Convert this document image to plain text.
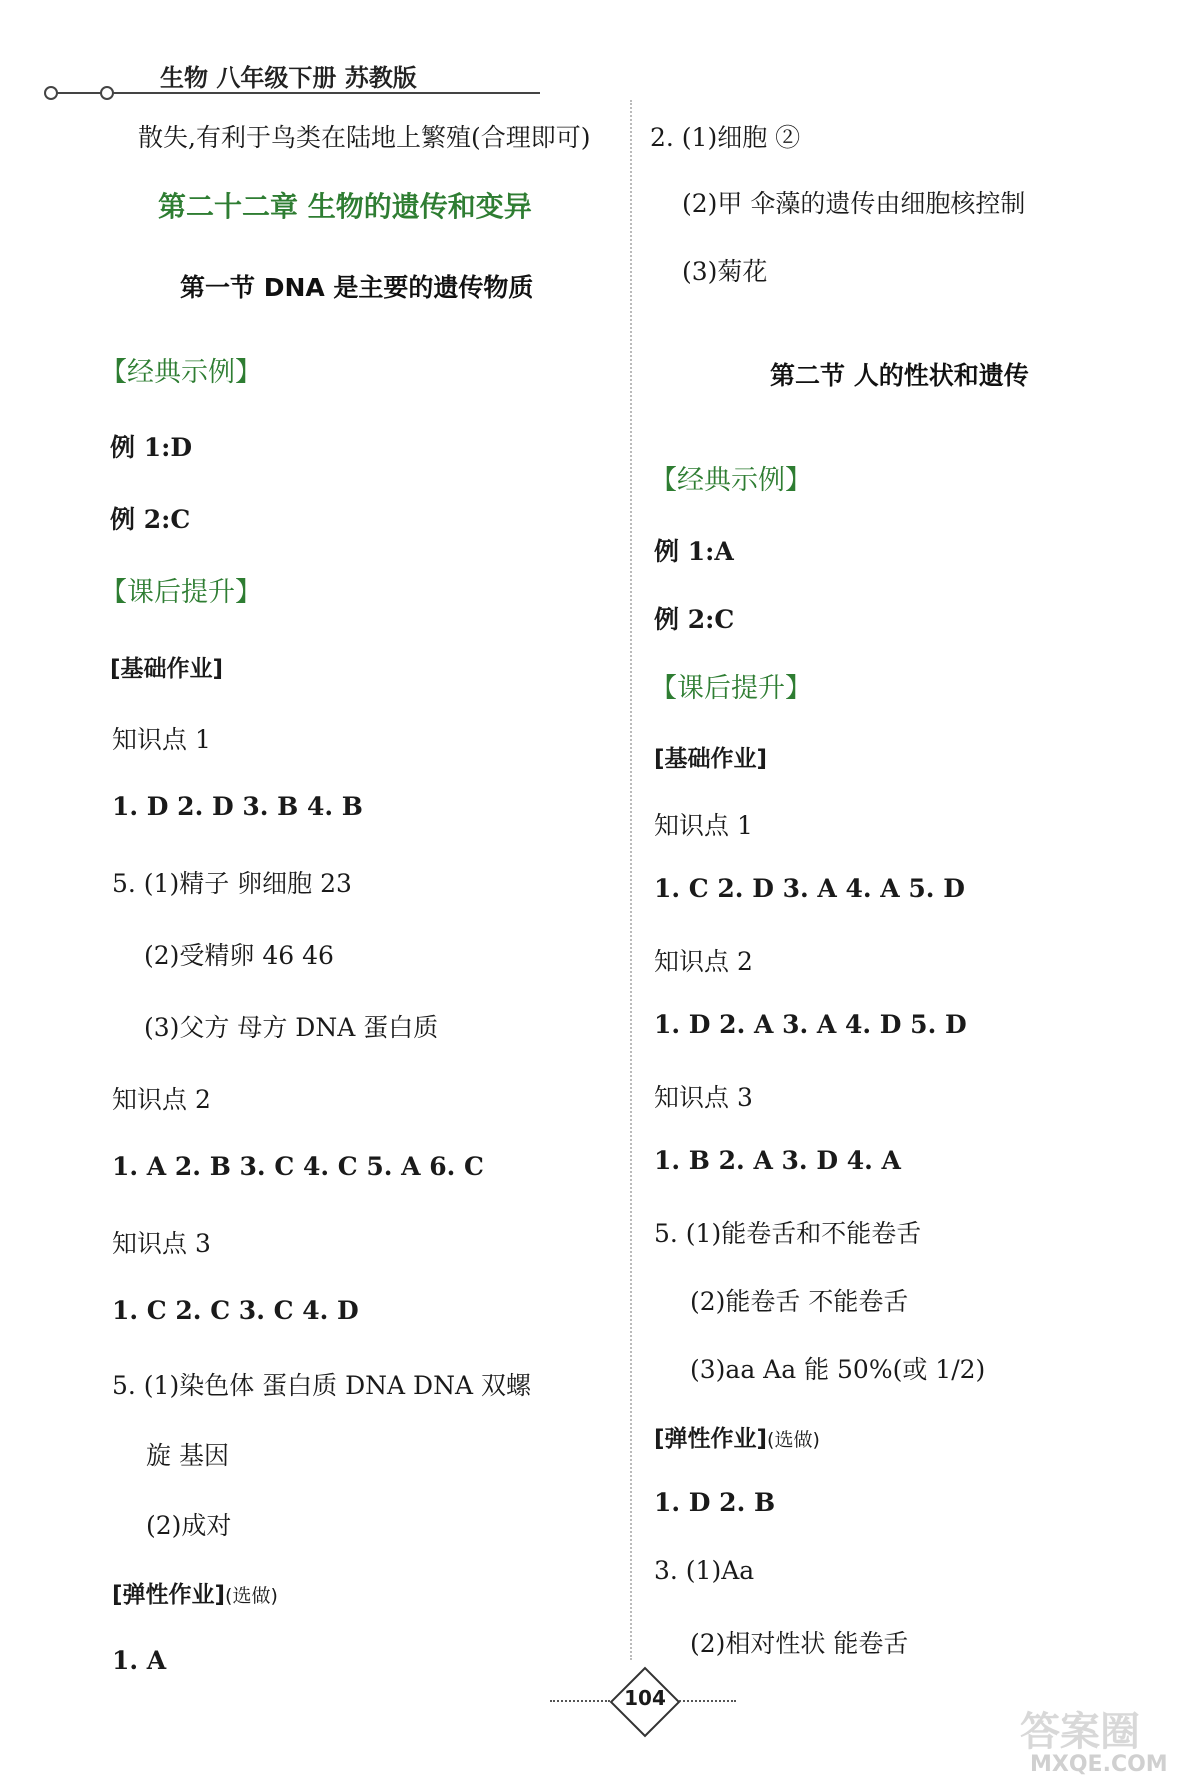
生物 八年级下册 苏教版
散失,有利于鸟类在陆地上繁殖(合理即可)
第二十二章 生物的遗传和变异
第一节 DNA 是主要的遗传物质
【经典示例】
例 1:D
例 2:C
【课后提升】
[基础作业]
知识点 1
1. D 2. D 3. B 4. B
5. (1)精子 卵细胞 23
(2)受精卵 46 46
(3)父方 母方 DNA 蛋白质
知识点 2
1. A 2. B 3. C 4. C 5. A 6. C
知识点 3
1. C 2. C 3. C 4. D
5. (1)染色体 蛋白质 DNA DNA 双螺
旋 基因
(2)成对
[弹性作业](选做)
1. A
2. (1)细胞 ②
(2)甲 伞藻的遗传由细胞核控制
(3)菊花
第二节 人的性状和遗传
【经典示例】
例 1:A
例 2:C
【课后提升】
[基础作业]
知识点 1
1. C 2. D 3. A 4. A 5. D
知识点 2
1. D 2. A 3. A 4. D 5. D
知识点 3
1. B 2. A 3. D 4. A
5. (1)能卷舌和不能卷舌
(2)能卷舌 不能卷舌
(3)aa Aa 能 50%(或 1/2)
[弹性作业](选做)
1. D 2. B
3. (1)Aa
(2)相对性状 能卷舌
104
答案圈
MXQE.COM
